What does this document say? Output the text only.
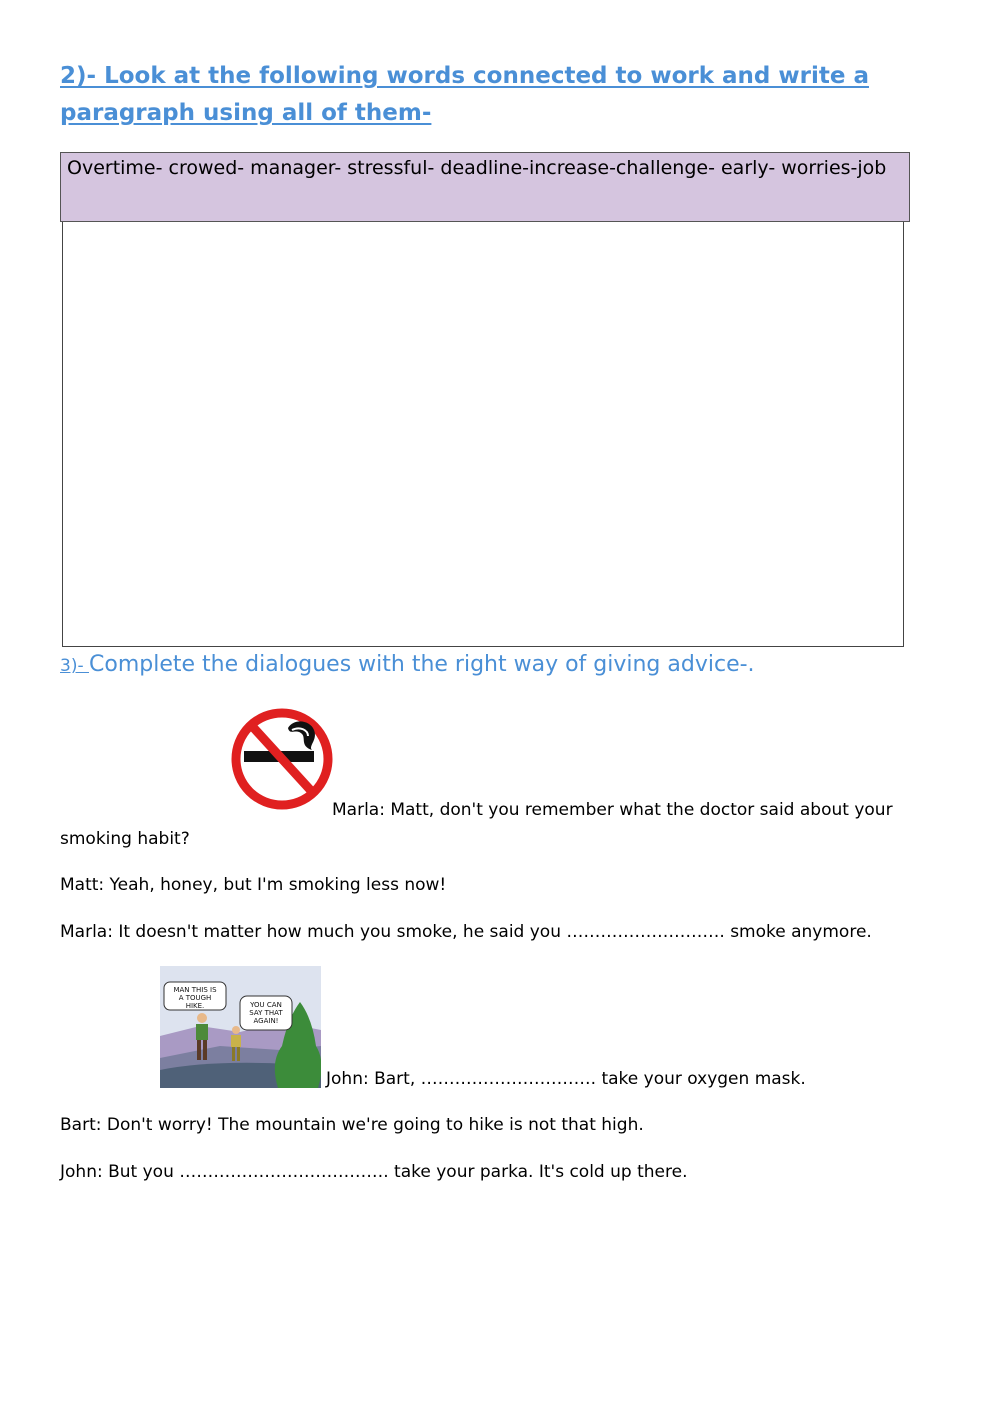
2)- Look at the following words connected to work and write a paragraph using all of them-
Overtime- crowed- manager- stressful- deadline-increase-challenge- early- worries-job
3)- Complete the dialogues with the right way of giving advice-.
Marla: Matt, don't you remember what the doctor said about your
smoking habit?
Matt: Yeah, honey, but I'm smoking less now!
Marla: It doesn't matter how much you smoke, he said you ………………………. smoke anymore.
MAN THIS IS A TOUGH HIKE.	YOU CAN SAY THAT AGAIN!
John: Bart, …………………………. take your oxygen mask.
Bart: Don't worry! The mountain we're going to hike is not that high.
John: But you ………………………………. take your parka. It's cold up there.
